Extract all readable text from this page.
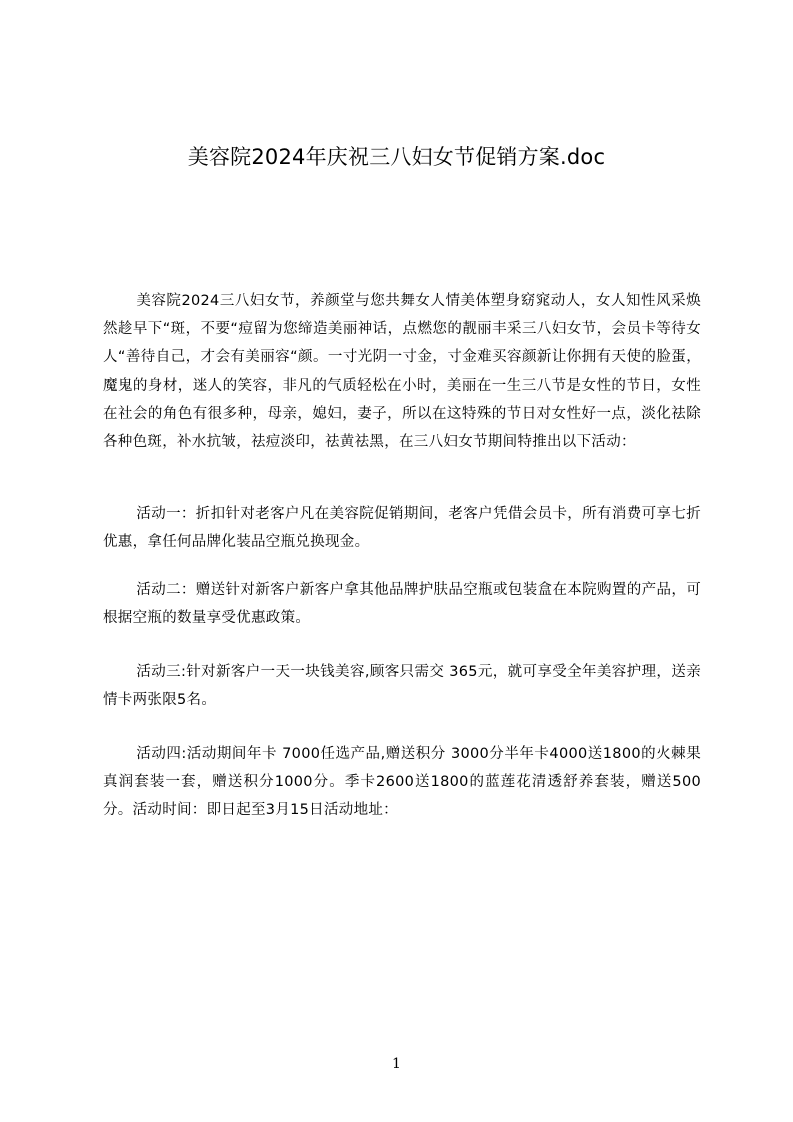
美容院2024年庆祝三八妇女节促销方案.doc

美容院2024三八妇女节，养颜堂与您共舞女人情美体塑身窈窕动人，女人知性风采焕然趁早下“斑，不要“痘留为您缔造美丽神话，点燃您的靓丽丰采三八妇女节，会员卡等待女人“善待自己，才会有美丽容“颜。一寸光阴一寸金，寸金难买容颜新让你拥有天使的脸蛋，魔鬼的身材，迷人的笑容，非凡的气质轻松在小时，美丽在一生三八节是女性的节日，女性在社会的角色有很多种，母亲，媳妇，妻子，所以在这特殊的节日对女性好一点，淡化祛除各种色斑，补水抗皱，祛痘淡印，祛黄祛黑，在三八妇女节期间特推出以下活动：

活动一：折扣针对老客户凡在美容院促销期间，老客户凭借会员卡，所有消费可享七折优惠，拿任何品牌化装品空瓶兑换现金。

活动二：赠送针对新客户新客户拿其他品牌护肤品空瓶或包装盒在本院购置的产品，可根据空瓶的数量享受优惠政策。

活动三:针对新客户一天一块钱美容,顾客只需交 365元，就可享受全年美容护理，送亲情卡两张限5名。

活动四:活动期间年卡 7000任选产品,赠送积分 3000分半年卡4000送1800的火棘果真润套装一套，赠送积分1000分。季卡2600送1800的蓝莲花清透舒养套装，赠送500分。活动时间：即日起至3月15日活动地址：

1
